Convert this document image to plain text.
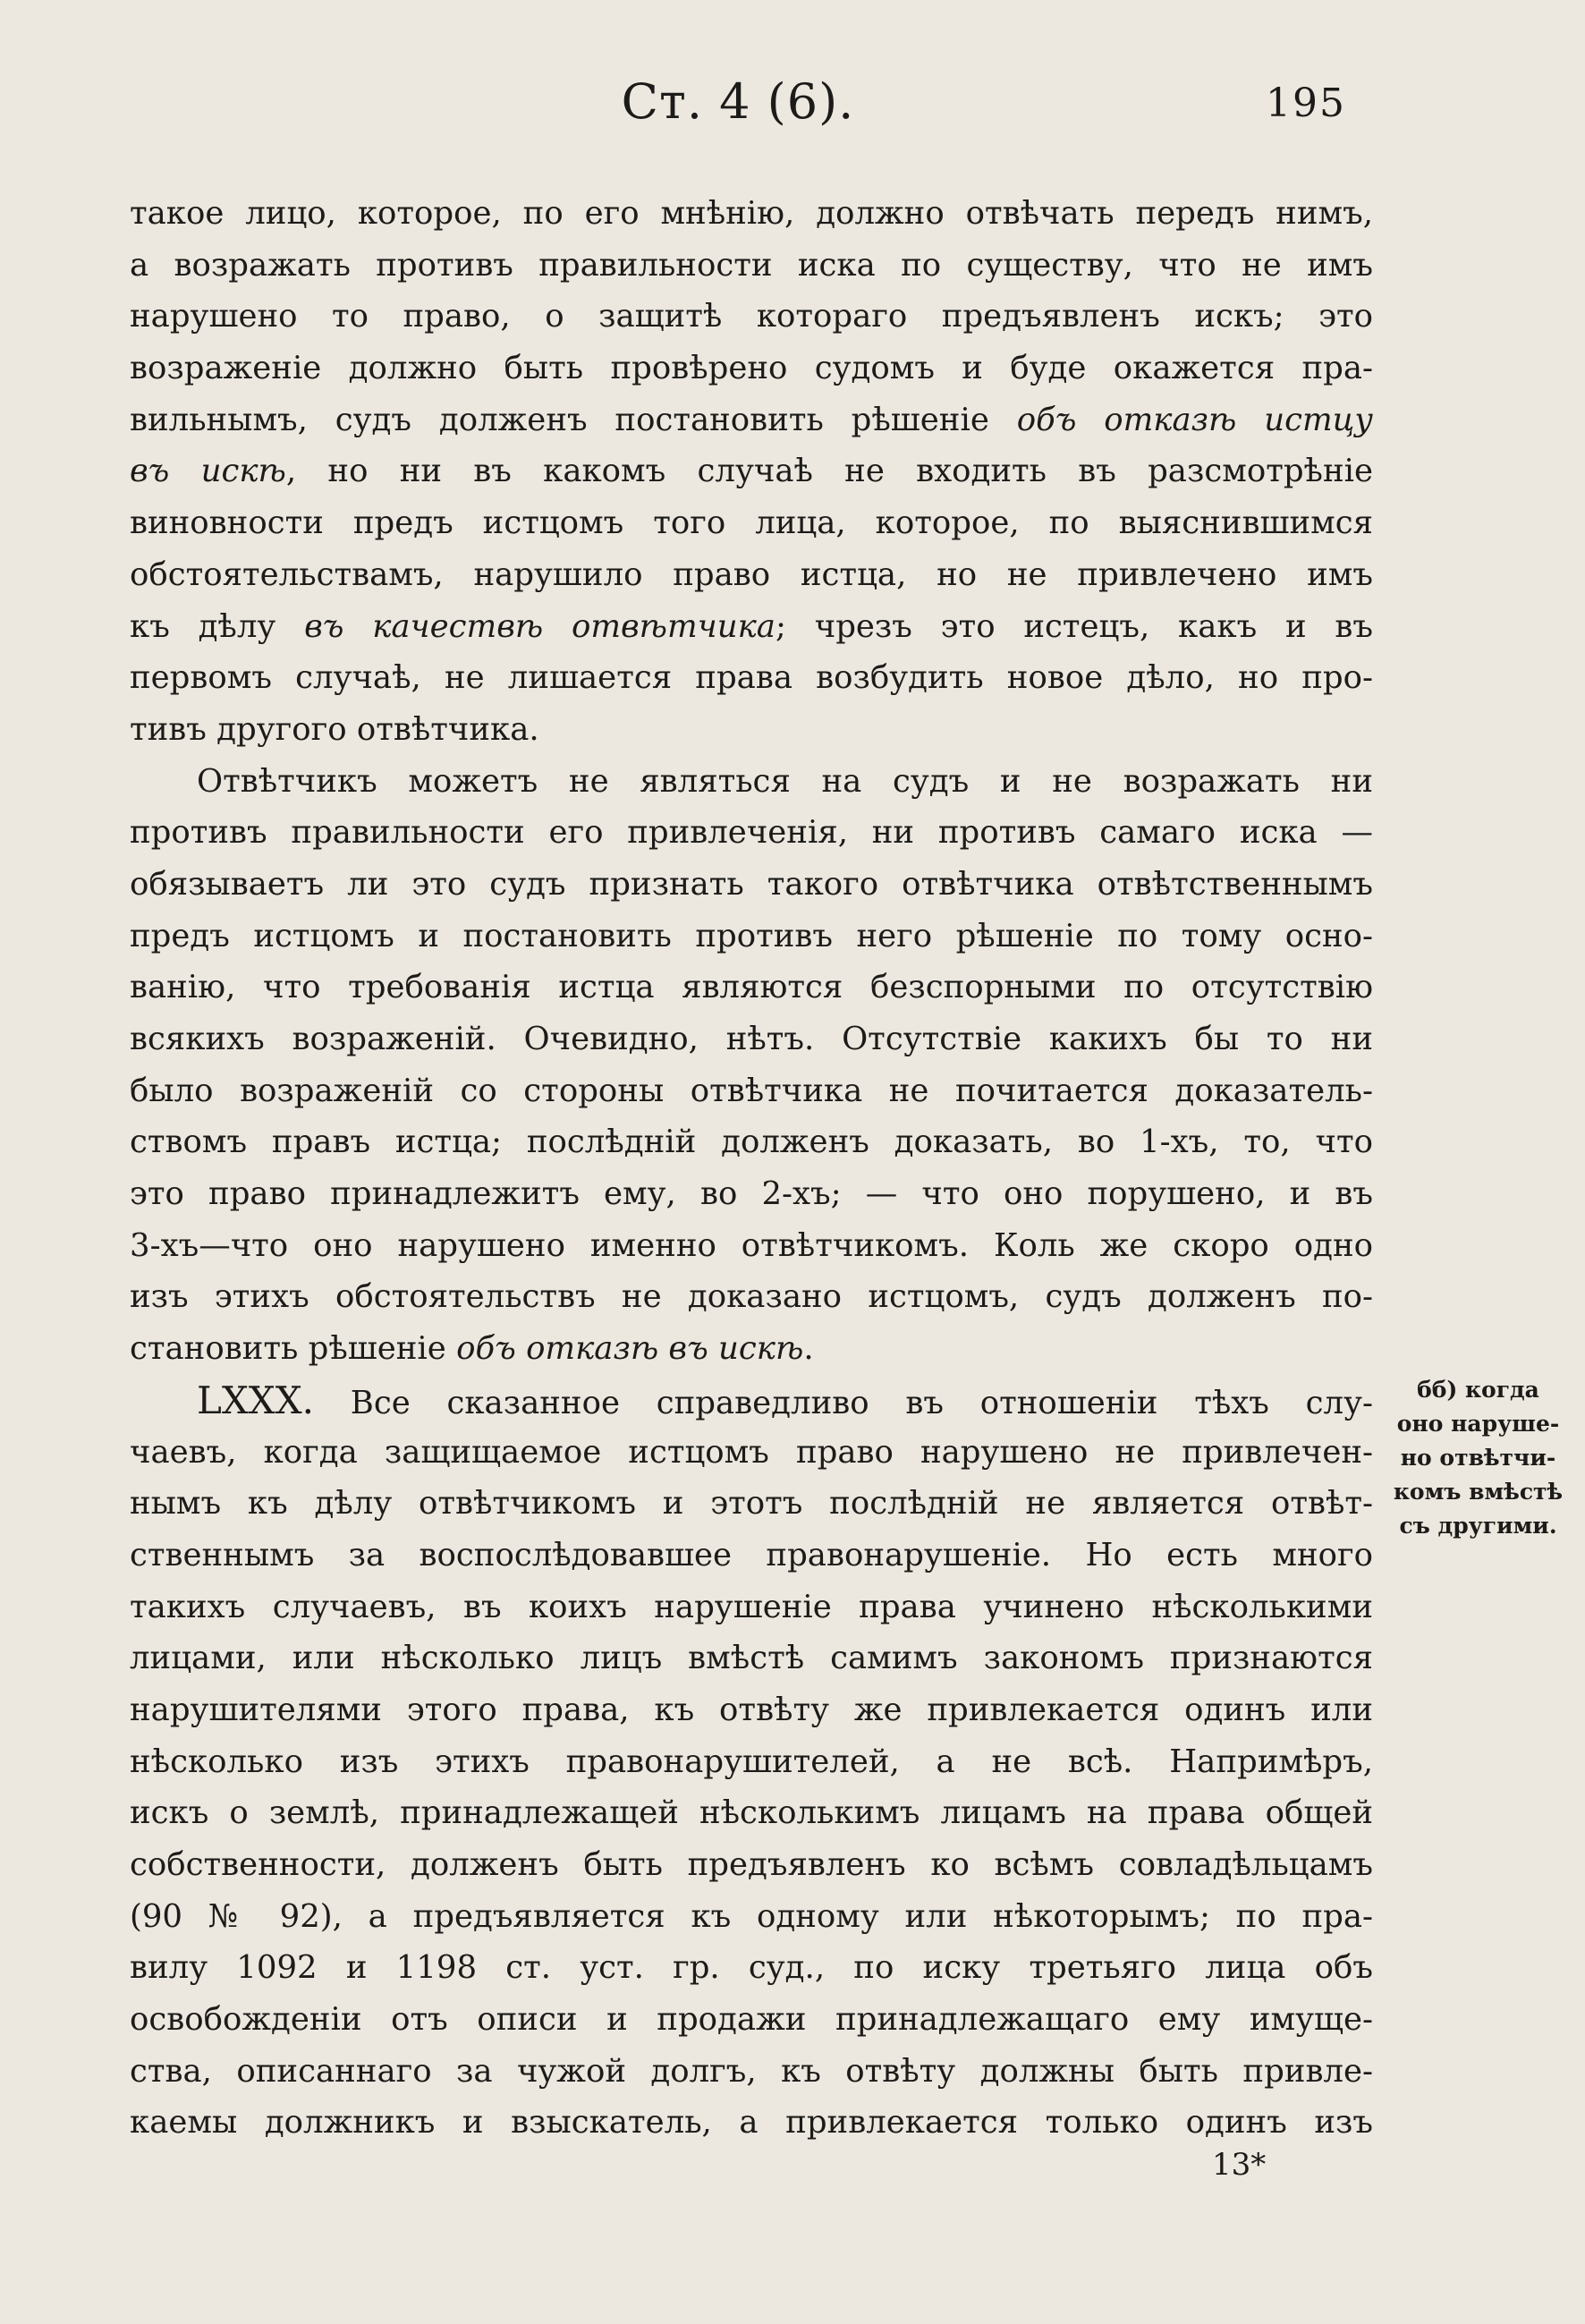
Ст. 4 (6).	195
такое лицо, которое, по его мнѣнію, должно отвѣчать передъ нимъ,
а возражать противъ правильности иска по существу, что не имъ
нарушено то право, о защитѣ котораго предъявленъ искъ; это
возраженіе должно быть провѣрено судомъ и буде окажется пра-
вильнымъ, судъ долженъ постановить рѣшеніе объ отказѣ истцу
въ искѣ, но ни въ какомъ случаѣ не входить въ разсмотрѣніе
виновности предъ истцомъ того лица, которое, по выяснившимся
обстоятельствамъ, нарушило право истца, но не привлечено имъ
къ дѣлу въ качествѣ отвѣтчика; чрезъ это истецъ, какъ и въ
первомъ случаѣ, не лишается права возбудить новое дѣло, но про-
тивъ другого отвѣтчика.
Отвѣтчикъ можетъ не являться на судъ и не возражать ни
противъ правильности его привлеченія, ни противъ самаго иска —
обязываетъ ли это судъ признать такого отвѣтчика отвѣтственнымъ
предъ истцомъ и постановить противъ него рѣшеніе по тому осно-
ванію, что требованія истца являются безспорными по отсутствію
всякихъ возраженій. Очевидно, нѣтъ. Отсутствіе какихъ бы то ни
было возраженій со стороны отвѣтчика не почитается доказатель-
ствомъ правъ истца; послѣдній долженъ доказать, во 1-хъ, то, что
это право принадлежитъ ему, во 2-хъ; — что оно порушено, и въ
3-хъ—что оно нарушено именно отвѣтчикомъ. Коль же скоро одно
изъ этихъ обстоятельствъ не доказано истцомъ, судъ долженъ по-
становить рѣшеніе объ отказѣ въ искѣ.
LXXX. Все сказанное справедливо въ отношеніи тѣхъ слу-
чаевъ, когда защищаемое истцомъ право нарушено не привлечен-
нымъ къ дѣлу отвѣтчикомъ и этотъ послѣдній не является отвѣт-
ственнымъ за воспослѣдовавшее правонарушеніе. Но есть много
такихъ случаевъ, въ коихъ нарушеніе права учинено нѣсколькими
лицами, или нѣсколько лицъ вмѣстѣ самимъ закономъ признаются
нарушителями этого права, къ отвѣту же привлекается одинъ или
нѣсколько изъ этихъ правонарушителей, а не всѣ. Напримѣръ,
искъ о землѣ, принадлежащей нѣсколькимъ лицамъ на права общей
собственности, долженъ быть предъявленъ ко всѣмъ совладѣльцамъ
(90 № 92), а предъявляется къ одному или нѣкоторымъ; по пра-
вилу 1092 и 1198 ст. уст. гр. суд., по иску третьяго лица объ
освобожденіи отъ описи и продажи принадлежащаго ему имуще-
ства, описаннаго за чужой долгъ, къ отвѣту должны быть привле-
каемы должникъ и взыскатель, а привлекается только одинъ изъ
бб) когда
оно наруше-
но отвѣтчи-
комъ вмѣстѣ
съ другими.
13*
